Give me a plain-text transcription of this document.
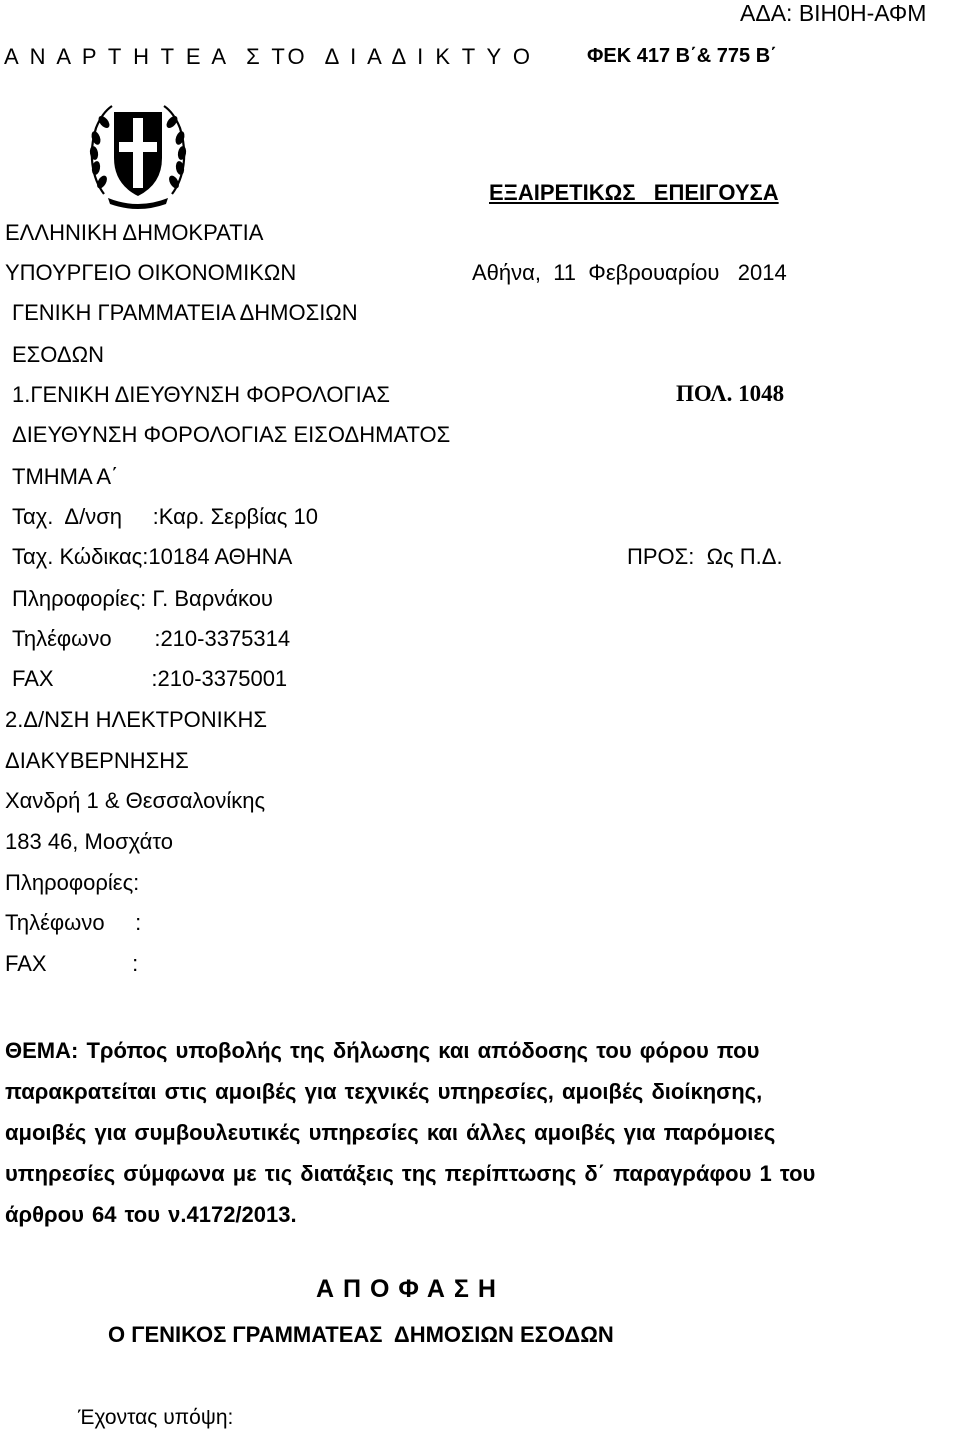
ΑΔΑ: ΒΙΗ0Η-ΑΦΜ
Α Ν Α Ρ Τ Η Τ Ε Α  Σ ΤΟ  Δ Ι Α Δ Ι Κ Τ Υ Ο	ΦΕΚ 417 Β΄& 775 Β΄
ΕΞΑΙΡΕΤΙΚΩΣ   ΕΠΕΙΓΟΥΣΑ
ΕΛΛΗΝΙΚΗ ΔΗΜΟΚΡΑΤΙΑ
ΥΠΟΥΡΓΕΙΟ ΟΙΚΟΝΟΜΙΚΩΝ	Αθήνα,  11  Φεβρουαρίου   2014
ΓΕΝΙΚΗ ΓΡΑΜΜΑΤΕΙΑ ΔΗΜΟΣΙΩΝ
ΕΣΟΔΩΝ
1.ΓΕΝΙΚΗ ΔΙΕΥΘΥΝΣΗ ΦΟΡΟΛΟΓΙΑΣ	ΠΟΛ. 1048
ΔΙΕΥΘΥΝΣΗ ΦΟΡΟΛΟΓΙΑΣ ΕΙΣΟΔΗΜΑΤΟΣ
ΤΜΗΜΑ Α΄
Ταχ.  Δ/νση     :Καρ. Σερβίας 10
Ταχ. Κώδικας:10184 ΑΘΗΝΑ	ΠΡΟΣ:  Ως Π.Δ.
Πληροφορίες: Γ. Βαρνάκου
Τηλέφωνο       :210-3375314
FAX                :210-3375001
2.Δ/ΝΣΗ ΗΛΕΚΤΡΟΝΙΚΗΣ
ΔΙΑΚΥΒΕΡΝΗΣΗΣ
Χανδρή 1 & Θεσσαλονίκης
183 46, Μοσχάτο
Πληροφορίες:
Τηλέφωνο     :
FAX              :
ΘΕΜΑ: Τρόπος υποβολής της δήλωσης και απόδοσης του φόρου που παρακρατείται στις αμοιβές για τεχνικές υπηρεσίες, αμοιβές διοίκησης, αμοιβές για συμβουλευτικές υπηρεσίες και άλλες αμοιβές για παρόμοιες υπηρεσίες σύμφωνα με τις διατάξεις της περίπτωσης δ΄ παραγράφου 1 του άρθρου 64 του ν.4172/2013.
Α Π Ο Φ Α Σ Η
Ο ΓΕΝΙΚΟΣ ΓΡΑΜΜΑΤΕΑΣ  ΔΗΜΟΣΙΩΝ ΕΣΟΔΩΝ
Έχοντας υπόψη:
